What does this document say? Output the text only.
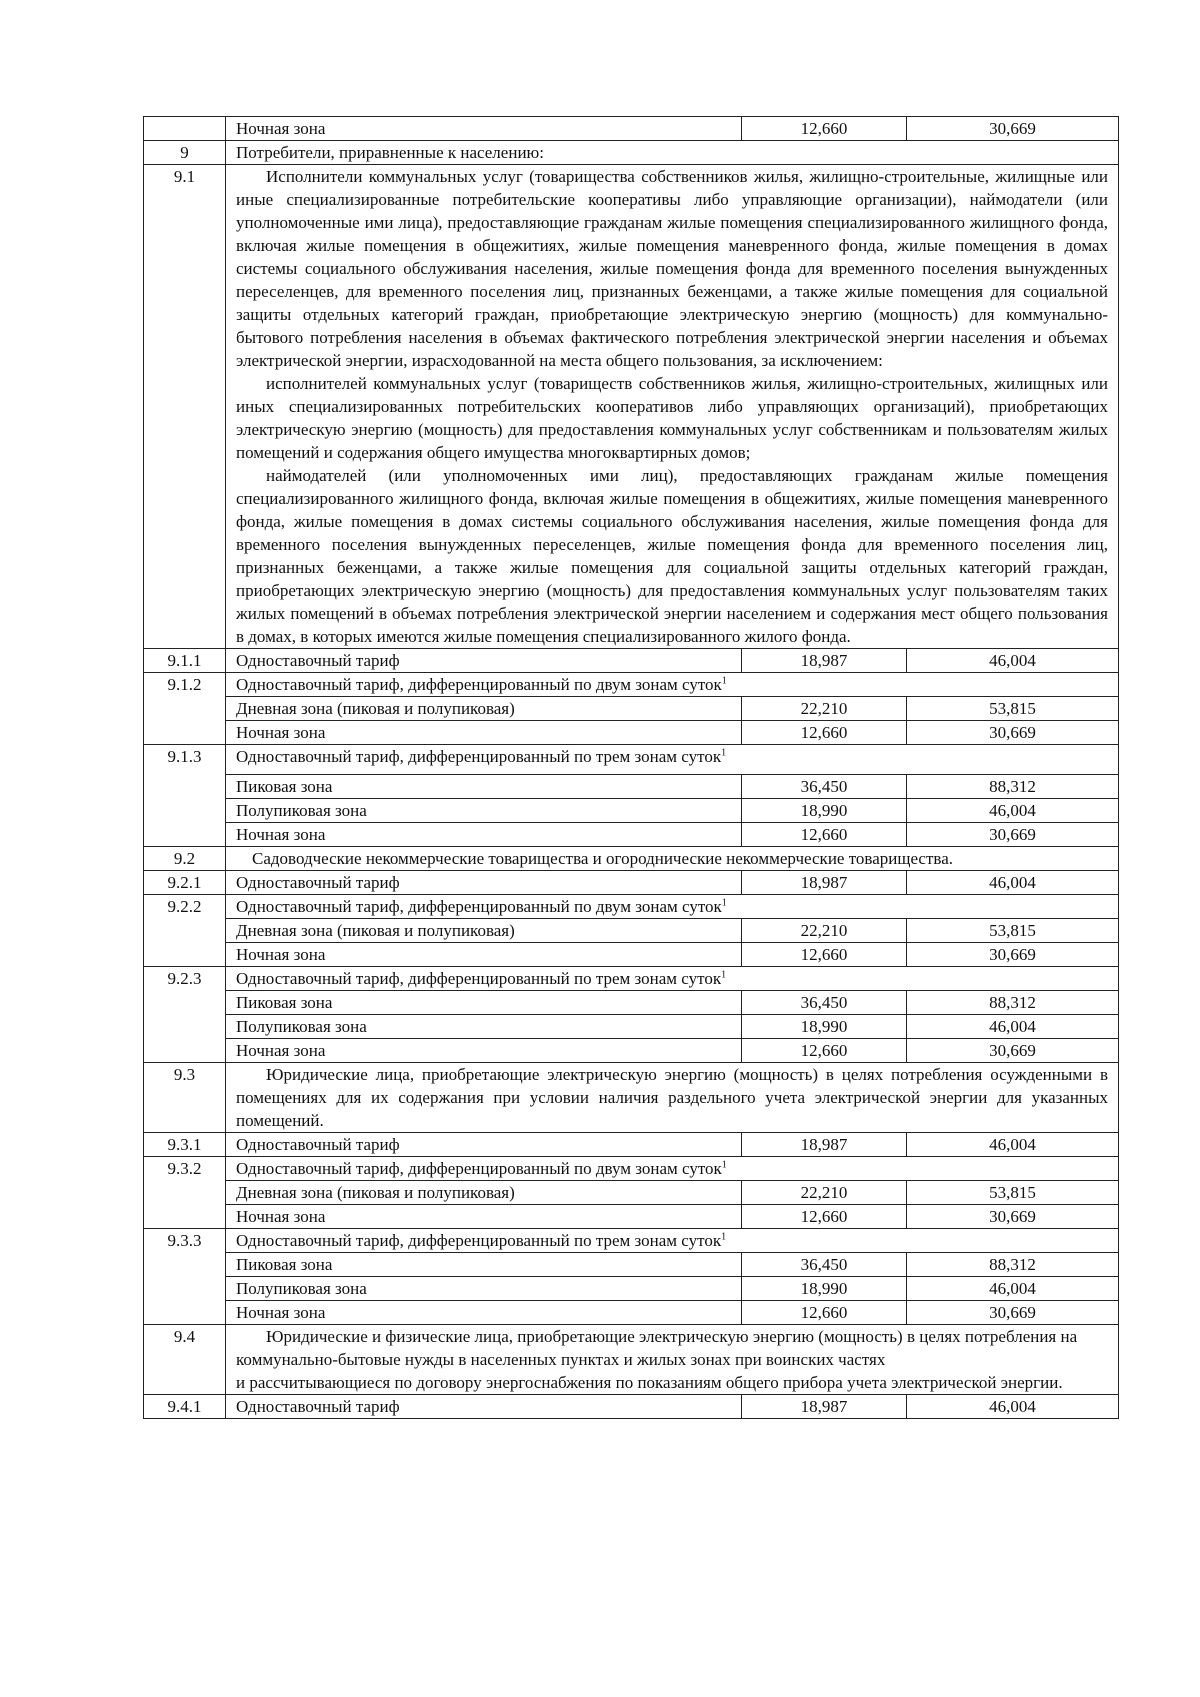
	Ночная зона	12,660	30,669
9	Потребители, приравненные к населению:		
9.1	Исполнители коммунальных услуг (товарищества собственников жилья, жилищно-строительные, жилищные или иные специализированные потребительские кооперативы либо управляющие организации), наймодатели (или уполномоченные ими лица), предоставляющие гражданам жилые помещения специализированного жилищного фонда, включая жилые помещения в общежитиях, жилые помещения маневренного фонда, жилые помещения в домах системы социального обслуживания населения, жилые помещения фонда для временного поселения вынужденных переселенцев, для временного поселения лиц, признанных беженцами, а также жилые помещения для социальной защиты отдельных категорий граждан, приобретающие электрическую энергию (мощность) для коммунально-бытового потребления населения в объемах фактического потребления электрической энергии населения и объемах электрической энергии, израсходованной на места общего пользования, за исключением:

исполнителей коммунальных услуг (товариществ собственников жилья, жилищно-строительных, жилищных или иных специализированных потребительских кооперативов либо управляющих организаций), приобретающих электрическую энергию (мощность) для предоставления коммунальных услуг собственникам и пользователям жилых помещений и содержания общего имущества многоквартирных домов;

наймодателей (или уполномоченных ими лиц), предоставляющих гражданам жилые помещения специализированного жилищного фонда, включая жилые помещения в общежитиях, жилые помещения маневренного фонда, жилые помещения в домах системы социального обслуживания населения, жилые помещения фонда для временного поселения вынужденных переселенцев, жилые помещения фонда для временного поселения лиц, признанных беженцами, а также жилые помещения для социальной защиты отдельных категорий граждан, приобретающих электрическую энергию (мощность) для предоставления коммунальных услуг пользователям таких жилых помещений в объемах потребления электрической энергии населением и содержания мест общего пользования в домах, в которых имеются жилые помещения специализированного жилого фонда.		

9.1.1	Одноставочный тариф	18,987	46,004
9.1.2	Одноставочный тариф, дифференцированный по двум зонам суток$^1$
	Дневная зона (пиковая и полупиковая)	22,210	53,815
	Ночная зона	12,660	30,669
9.1.3	Одноставочный тариф, дифференцированный по трем зонам суток$^1$
	Пиковая зона	36,450	88,312
	Полупиковая зона	18,990	46,004
	Ночная зона	12,660	30,669
9.2	Садоводческие некоммерческие товарищества и огороднические некоммерческие товарищества.		
9.2.1	Одноставочный тариф	18,987	46,004
9.2.2	Одноставочный тариф, дифференцированный по двум зонам суток$^1$
	Дневная зона (пиковая и полупиковая)	22,210	53,815
	Ночная зона	12,660	30,669
9.2.3	Одноставочный тариф, дифференцированный по трем зонам суток$^1$
	Пиковая зона	36,450	88,312
	Полупиковая зона	18,990	46,004
	Ночная зона	12,660	30,669
9.3	Юридические лица, приобретающие электрическую энергию (мощность) в целях потребления осужденными в помещениях для их содержания при условии наличия раздельного учета электрической энергии для указанных помещений.		

9.3.1	Одноставочный тариф	18,987	46,004
9.3.2	Одноставочный тариф, дифференцированный по двум зонам суток$^1$
	Дневная зона (пиковая и полупиковая)	22,210	53,815
	Ночная зона	12,660	30,669
9.3.3	Одноставочный тариф, дифференцированный по трем зонам суток$^1$
	Пиковая зона	36,450	88,312
	Полупиковая зона	18,990	46,004
	Ночная зона	12,660	30,669
9.4	Юридические и физические лица, приобретающие электрическую энергию (мощность) в целях потребления на коммунально-бытовые нужды в населенных пунктах и жилых зонах при воинских частях

и рассчитывающиеся по договору энергоснабжения по показаниям общего прибора учета электрической энергии.		

9.4.1	Одноставочный тариф	18,987	46,004
